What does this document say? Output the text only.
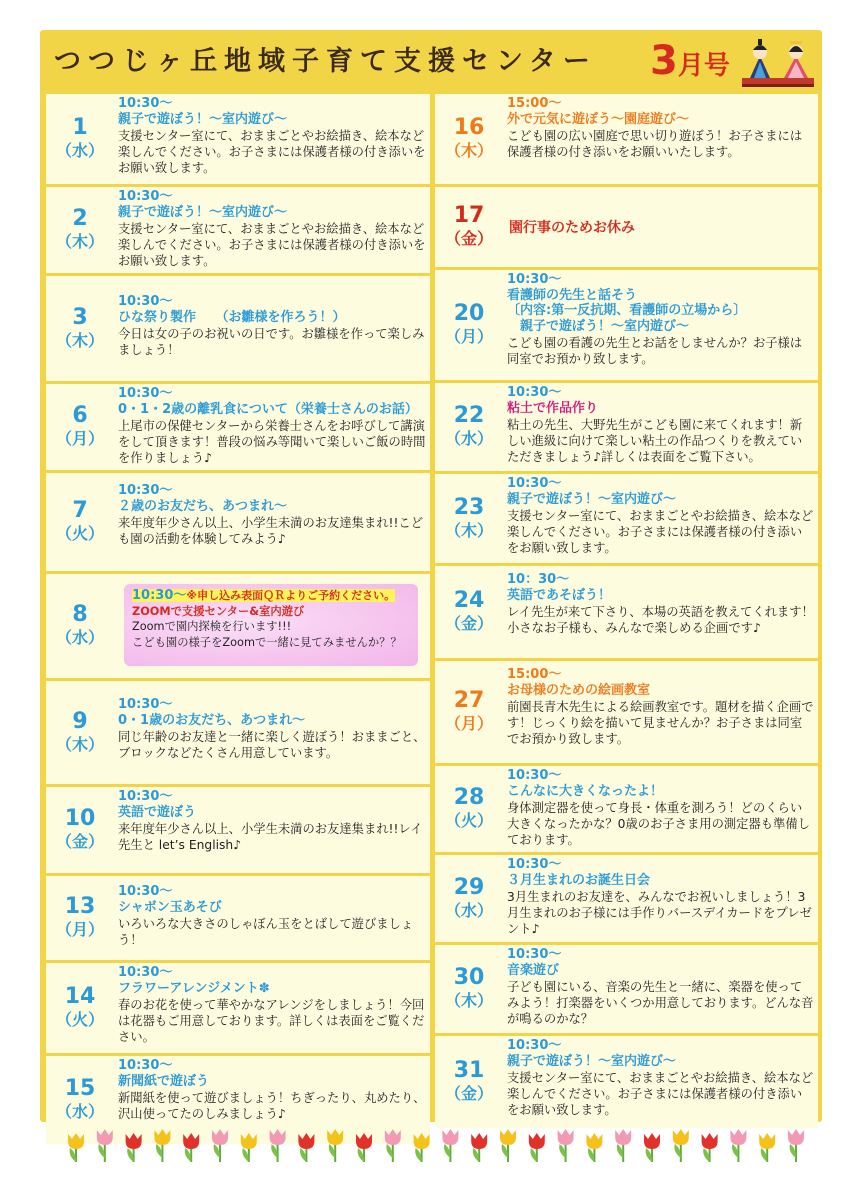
つつじヶ丘地域子育て支援センター 3月号
1
（水）
10:30～
親子で遊ぼう！～室内遊び～
支援センター室にて、おままごとやお絵描き、絵本など楽しんでください。お子さまには保護者様の付き添いをお願い致します。
2
（木）
10:30～
親子で遊ぼう！～室内遊び～
支援センター室にて、おままごとやお絵描き、絵本など楽しんでください。お子さまには保護者様の付き添いをお願い致します。
3
（木）
10:30～
ひな祭り製作　　（お雛様を作ろう！）
今日は女の子のお祝いの日です。お雛様を作って楽しみましょう！
6
（月）
10:30～
0・1・2歳の離乳食について（栄養士さんのお話）
上尾市の保健センターから栄養士さんをお呼びして講演をして頂きます！普段の悩み等聞いて楽しいご飯の時間を作りましょう♪
7
（火）
10:30～
２歳のお友だち、あつまれ～
来年度年少さん以上、小学生未満のお友達集まれ!!こども園の活動を体験してみよう♪
8
（水）
10:30～※申し込み表面ＱＲよりご予約ください。
ZOOMで支援センター&室内遊び
Zoomで園内探検を行います!!!
こども園の様子をZoomで一緒に見てみませんか？？
9
（木）
10:30～
0・1歳のお友だち、あつまれ～
同じ年齢のお友達と一緒に楽しく遊ぼう！おままごと、ブロックなどたくさん用意しています。
10
（金）
10:30～
英語で遊ぼう
来年度年少さん以上、小学生未満のお友達集まれ!!レイ先生と let’s English♪
13
（月）
10:30～
シャボン玉あそび
いろいろな大きさのしゃぼん玉をとばして遊びましょう！
14
（火）
10:30～
フラワーアレンジメント✽
春のお花を使って華やかなアレンジをしましょう！今回は花器もご用意しております。詳しくは表面をご覧ください。
15
（水）
10:30～
新聞紙で遊ぼう
新聞紙を使って遊びましょう！ちぎったり、丸めたり、沢山使ってたのしみましょう♪
16
（木）
15:00～
外で元気に遊ぼう～園庭遊び～
こども園の広い園庭で思い切り遊ぼう！お子さまには保護者様の付き添いをお願いいたします。
17
（金）
園行事のためお休み
20
（月）
10:30～
看護師の先生と話そう
〔内容:第一反抗期、看護師の立場から〕
　親子で遊ぼう！～室内遊び～
こども園の看護の先生とお話をしませんか？お子様は同室でお預かり致します。
22
（水）
10:30～
粘土で作品作り
粘土の先生、大野先生がこども園に来てくれます！新しい進級に向けて楽しい粘土の作品つくりを教えていただきましょう♪詳しくは表面をご覧下さい。
23
（木）
10:30～
親子で遊ぼう！～室内遊び～
支援センター室にて、おままごとやお絵描き、絵本など楽しんでください。お子さまには保護者様の付き添いをお願い致します。
24
（金）
10：30～
英語であそぼう！
レイ先生が来て下さり、本場の英語を教えてくれます！小さなお子様も、みんなで楽しめる企画です♪
27
（月）
15:00～
お母様のための絵画教室
前園長青木先生による絵画教室です。題材を描く企画です！じっくり絵を描いて見ませんか？お子さまは同室でお預かり致します。
28
（火）
10:30～
こんなに大きくなったよ！
身体測定器を使って身長・体重を測ろう！どのくらい大きくなったかな？0歳のお子さま用の測定器も準備しております。
29
（水）
10:30～
３月生まれのお誕生日会
3月生まれのお友達を、みんなでお祝いしましょう！3月生まれのお子様には手作りバースデイカードをプレゼント♪
30
（木）
10:30～
音楽遊び
子ども園にいる、音楽の先生と一緒に、楽器を使ってみよう！打楽器をいくつか用意しております。どんな音が鳴るのかな？
31
（金）
10:30～
親子で遊ぼう！～室内遊び～
支援センター室にて、おままごとやお絵描き、絵本など楽しんでください。お子さまには保護者様の付き添いをお願い致します。
